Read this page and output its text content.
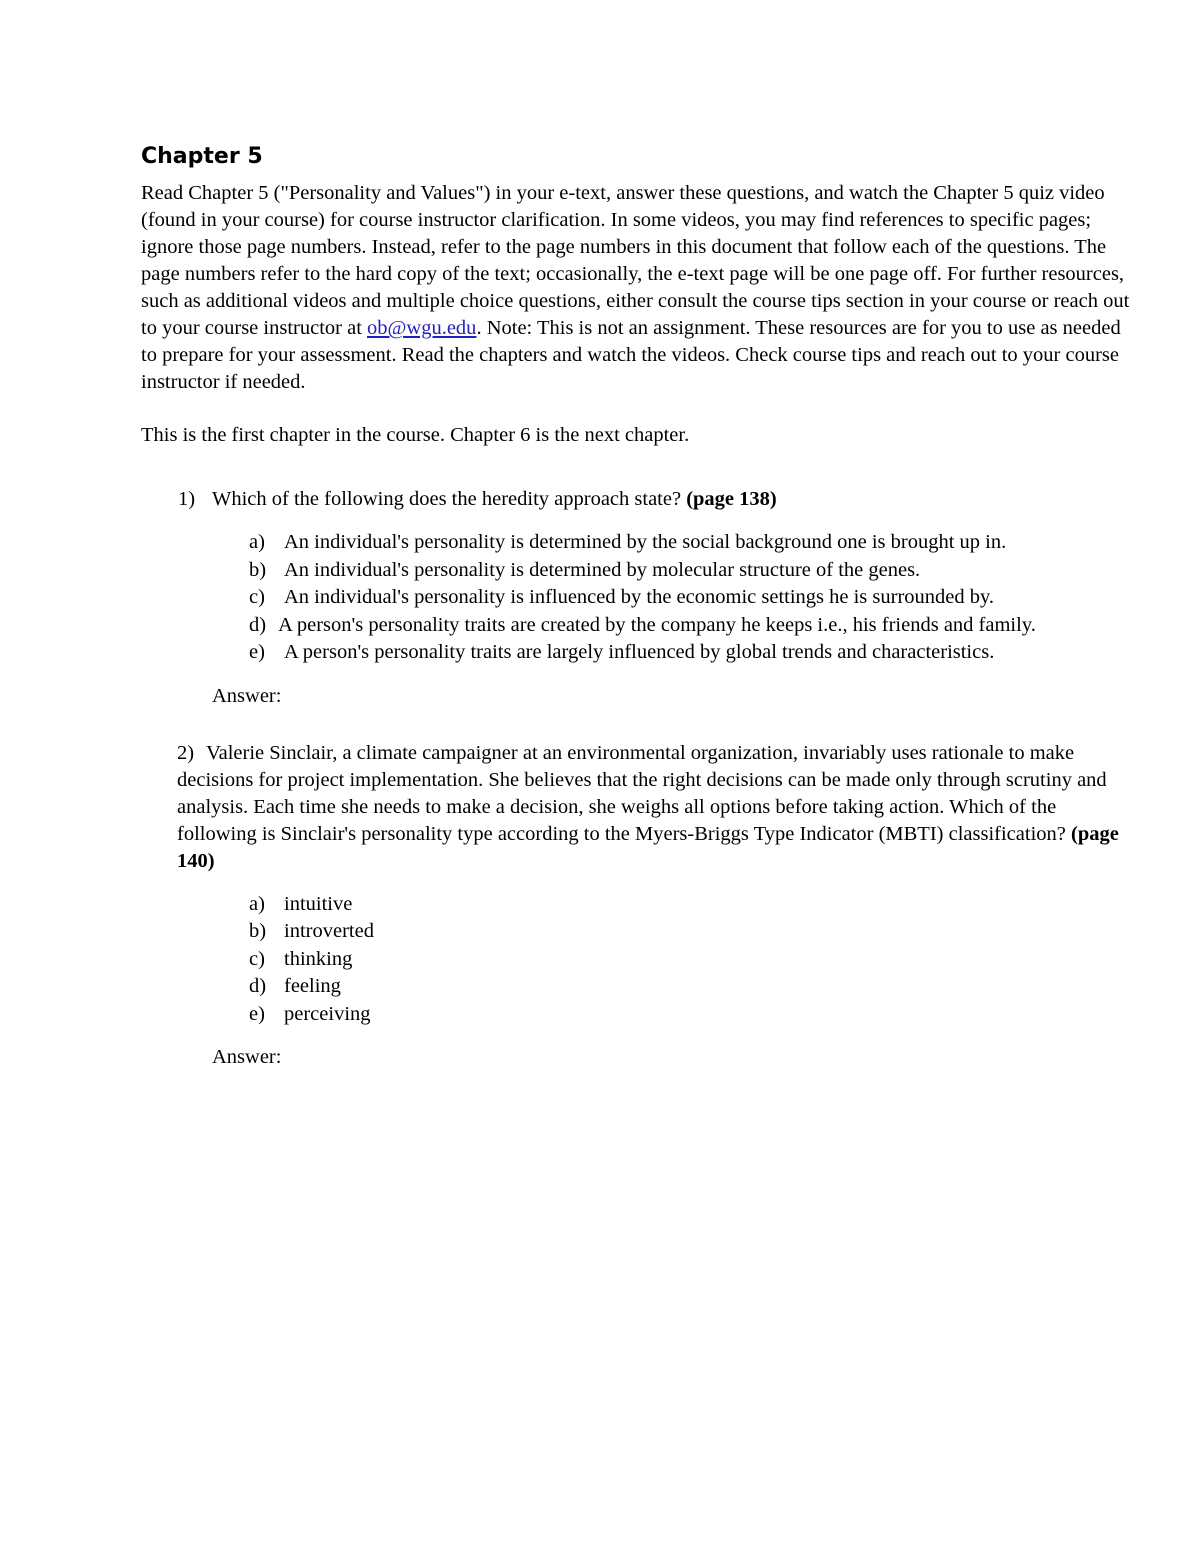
Chapter 5

Read Chapter 5 ("Personality and Values") in your e-text, answer these questions, and watch the Chapter 5 quiz video (found in your course) for course instructor clarification. In some videos, you may find references to specific pages; ignore those page numbers. Instead, refer to the page numbers in this document that follow each of the questions. The page numbers refer to the hard copy of the text; occasionally, the e-text page will be one page off. For further resources, such as additional videos and multiple choice questions, either consult the course tips section in your course or reach out to your course instructor at ob@wgu.edu. Note: This is not an assignment. These resources are for you to use as needed to prepare for your assessment. Read the chapters and watch the videos. Check course tips and reach out to your course instructor if needed.

This is the first chapter in the course. Chapter 6 is the next chapter.

1) Which of the following does the heredity approach state? (page 138)
a) An individual's personality is determined by the social background one is brought up in.
b) An individual's personality is determined by molecular structure of the genes.
c) An individual's personality is influenced by the economic settings he is surrounded by.
d) A person's personality traits are created by the company he keeps i.e., his friends and family.
e) A person's personality traits are largely influenced by global trends and characteristics.
Answer:
2) Valerie Sinclair, a climate campaigner at an environmental organization, invariably uses rationale to make decisions for project implementation. She believes that the right decisions can be made only through scrutiny and analysis. Each time she needs to make a decision, she weighs all options before taking action. Which of the following is Sinclair's personality type according to the Myers-Briggs Type Indicator (MBTI) classification? (page 140)
a) intuitive
b) introverted
c) thinking
d) feeling
e) perceiving
Answer:
